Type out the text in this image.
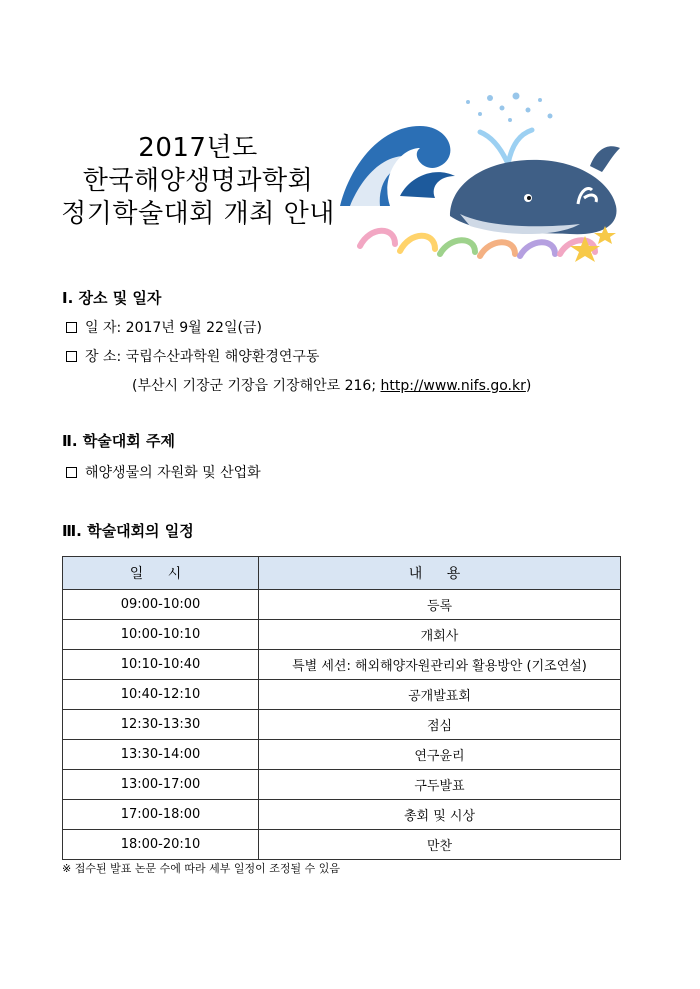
2017년도
한국해양생명과학회
정기학술대회 개최 안내
Ⅰ. 장소 및 일자
일 자: 2017년 9월 22일(금)
장 소: 국립수산과학원 해양환경연구동
(부산시 기장군 기장읍 기장해안로 216; http://www.nifs.go.kr)
Ⅱ. 학술대회 주제
해양생물의 자원화 및 산업화
Ⅲ. 학술대회의 일정
일 시	내 용
09:00-10:00	등록
10:00-10:10	개회사
10:10-10:40	특별 세션: 해외해양자원관리와 활용방안 (기조연설)
10:40-12:10	공개발표회
12:30-13:30	점심
13:30-14:00	연구윤리
13:00-17:00	구두발표
17:00-18:00	총회 및 시상
18:00-20:10	만찬
※ 접수된 발표 논문 수에 따라 세부 일정이 조정될 수 있음
